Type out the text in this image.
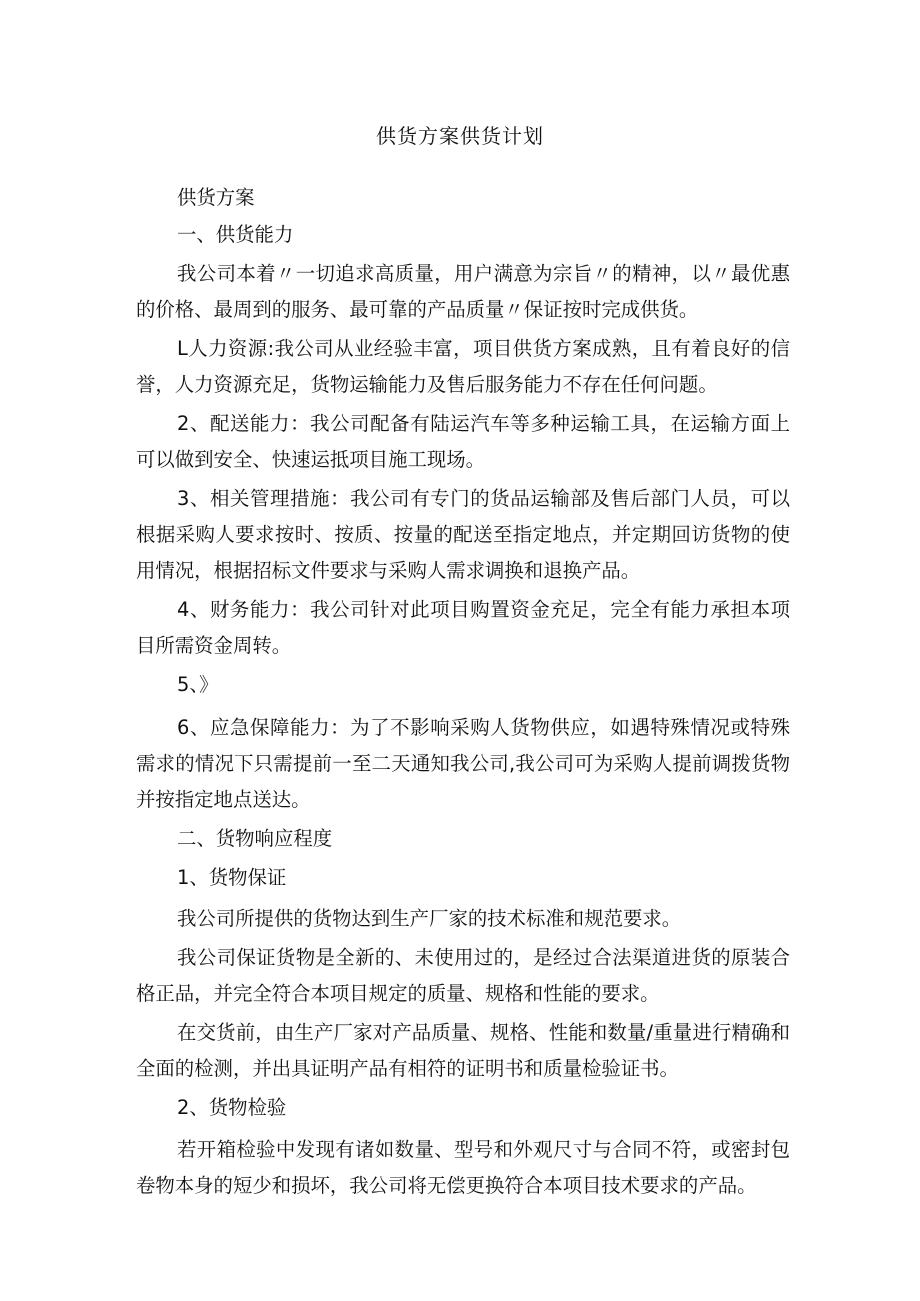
供货方案供货计划

供货方案

一、供货能力

我公司本着〃一切追求高质量，用户满意为宗旨〃的精神，以〃最优惠的价格、最周到的服务、最可靠的产品质量〃保证按时完成供货。

L人力资源:我公司从业经验丰富，项目供货方案成熟，且有着良好的信誉，人力资源充足，货物运输能力及售后服务能力不存在任何问题。

2、配送能力：我公司配备有陆运汽车等多种运输工具，在运输方面上可以做到安全、快速运抵项目施工现场。

3、相关管理措施：我公司有专门的货品运输部及售后部门人员，可以根据采购人要求按时、按质、按量的配送至指定地点，并定期回访货物的使用情况，根据招标文件要求与采购人需求调换和退换产品。

4、财务能力：我公司针对此项目购置资金充足，完全有能力承担本项目所需资金周转。

5、》

6、应急保障能力：为了不影响采购人货物供应，如遇特殊情况或特殊需求的情况下只需提前一至二天通知我公司,我公司可为采购人提前调拨货物并按指定地点送达。

二、货物响应程度

1、货物保证

我公司所提供的货物达到生产厂家的技术标准和规范要求。

我公司保证货物是全新的、未使用过的，是经过合法渠道进货的原装合格正品，并完全符合本项目规定的质量、规格和性能的要求。

在交货前，由生产厂家对产品质量、规格、性能和数量/重量进行精确和全面的检测，并出具证明产品有相符的证明书和质量检验证书。

2、货物检验

若开箱检验中发现有诸如数量、型号和外观尺寸与合同不符，或密封包卷物本身的短少和损坏，我公司将无偿更换符合本项目技术要求的产品。
